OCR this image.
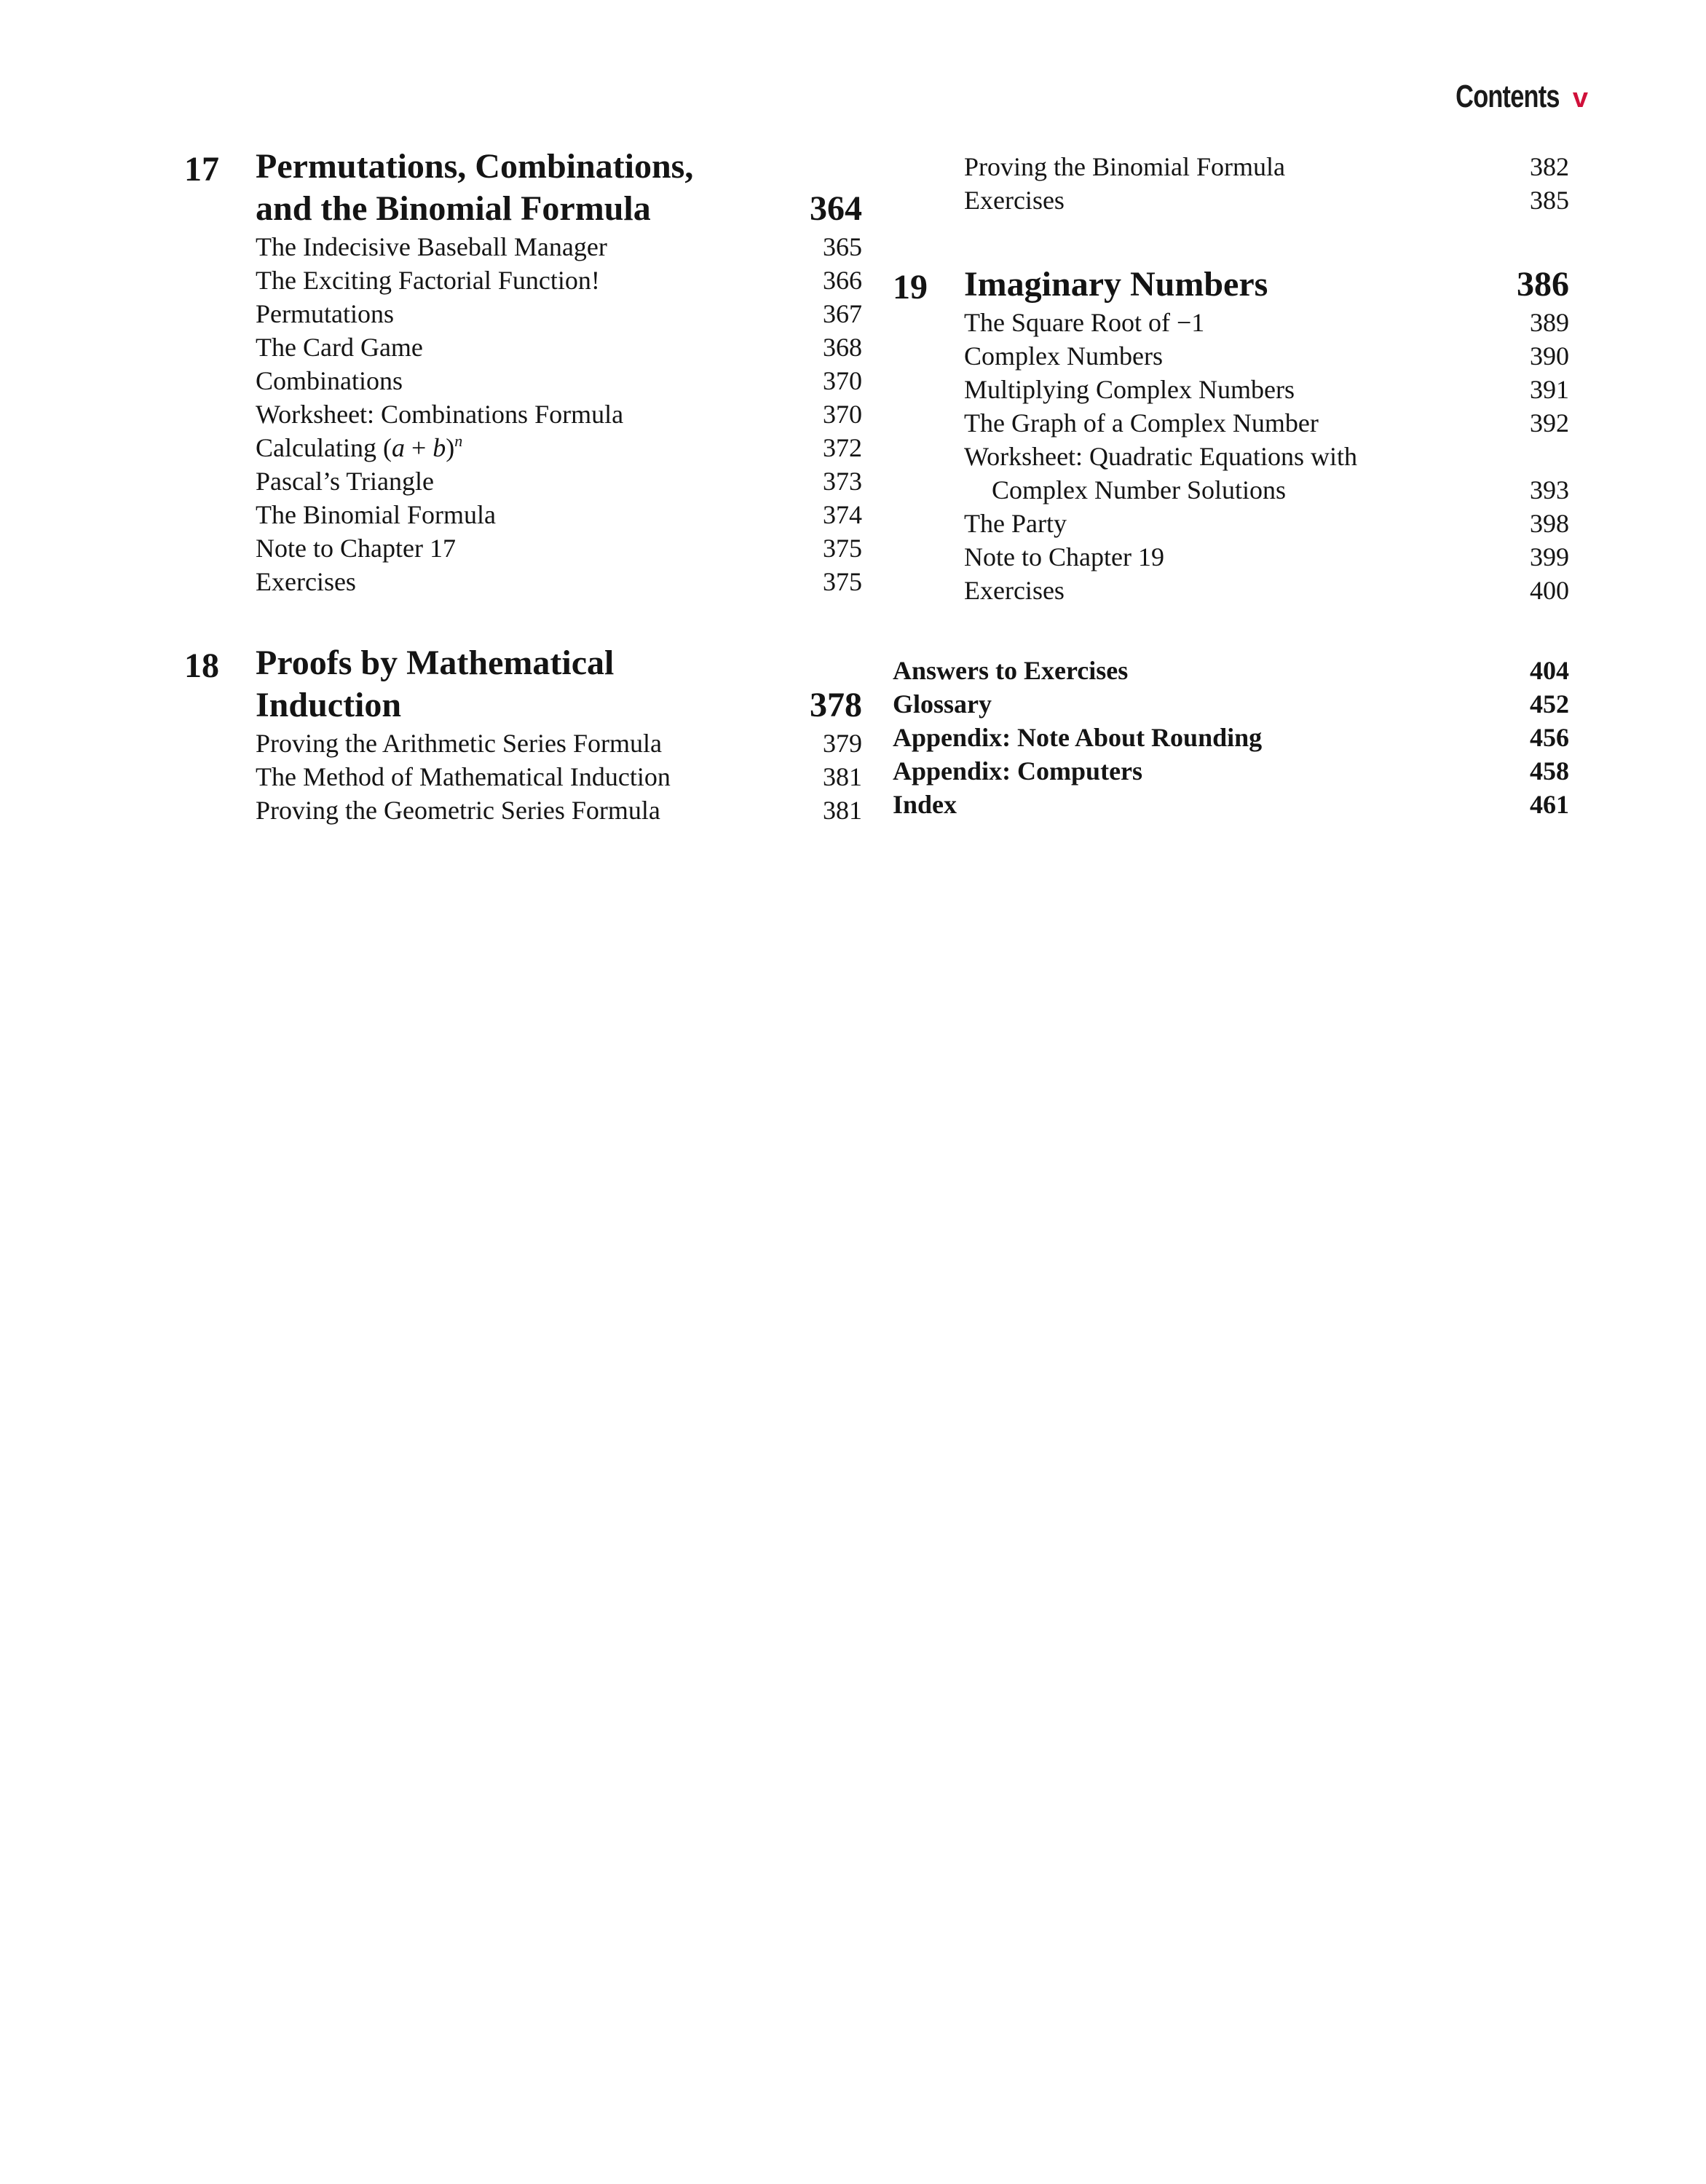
Contents v
17 Permutations, Combinations,
and the Binomial Formula	364
The Indecisive Baseball Manager	365
The Exciting Factorial Function!	366
Permutations	367
The Card Game	368
Combinations	370
Worksheet: Combinations Formula	370
Calculating $(a + b)^n$	372
Pascal’s Triangle	373
The Binomial Formula	374
Note to Chapter 17	375
Exercises	375
18 Proofs by Mathematical
Induction	378
Proving the Arithmetic Series Formula	379
The Method of Mathematical Induction	381
Proving the Geometric Series Formula	381
Proving the Binomial Formula	382
Exercises	385
19 Imaginary Numbers	386
The Square Root of −1	389
Complex Numbers	390
Multiplying Complex Numbers	391
The Graph of a Complex Number	392
Worksheet: Quadratic Equations with
Complex Number Solutions	393
The Party	398
Note to Chapter 19	399
Exercises	400
Answers to Exercises	404
Glossary	452
Appendix: Note About Rounding	456
Appendix: Computers	458
Index	461
